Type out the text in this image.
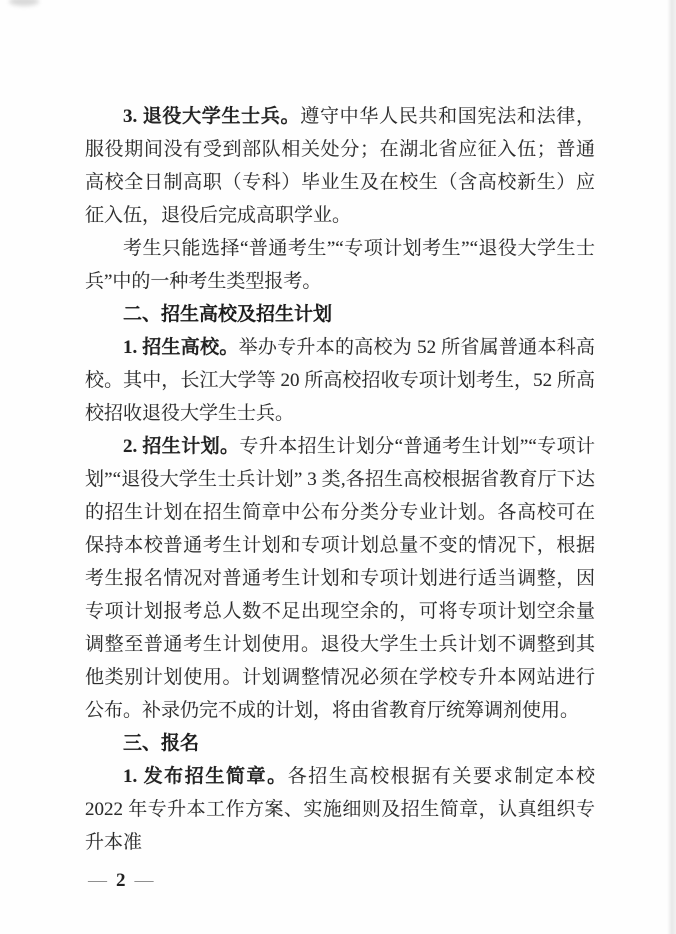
3. 退役大学生士兵。遵守中华人民共和国宪法和法律，服役期间没有受到部队相关处分；在湖北省应征入伍；普通高校全日制高职（专科）毕业生及在校生（含高校新生）应征入伍，退役后完成高职学业。

考生只能选择“普通考生”“专项计划考生”“退役大学生士兵”中的一种考生类型报考。

二、招生高校及招生计划

1. 招生高校。举办专升本的高校为 52 所省属普通本科高校。其中，长江大学等 20 所高校招收专项计划考生，52 所高校招收退役大学生士兵。

2. 招生计划。专升本招生计划分“普通考生计划”“专项计划”“退役大学生士兵计划” 3 类,各招生高校根据省教育厅下达的招生计划在招生简章中公布分类分专业计划。各高校可在保持本校普通考生计划和专项计划总量不变的情况下，根据考生报名情况对普通考生计划和专项计划进行适当调整，因专项计划报考总人数不足出现空余的，可将专项计划空余量调整至普通考生计划使用。退役大学生士兵计划不调整到其他类别计划使用。计划调整情况必须在学校专升本网站进行公布。补录仍完不成的计划，将由省教育厅统筹调剂使用。

三、报名

1. 发布招生简章。各招生高校根据有关要求制定本校 2022 年专升本工作方案、实施细则及招生简章，认真组织专升本准

— 2 —
